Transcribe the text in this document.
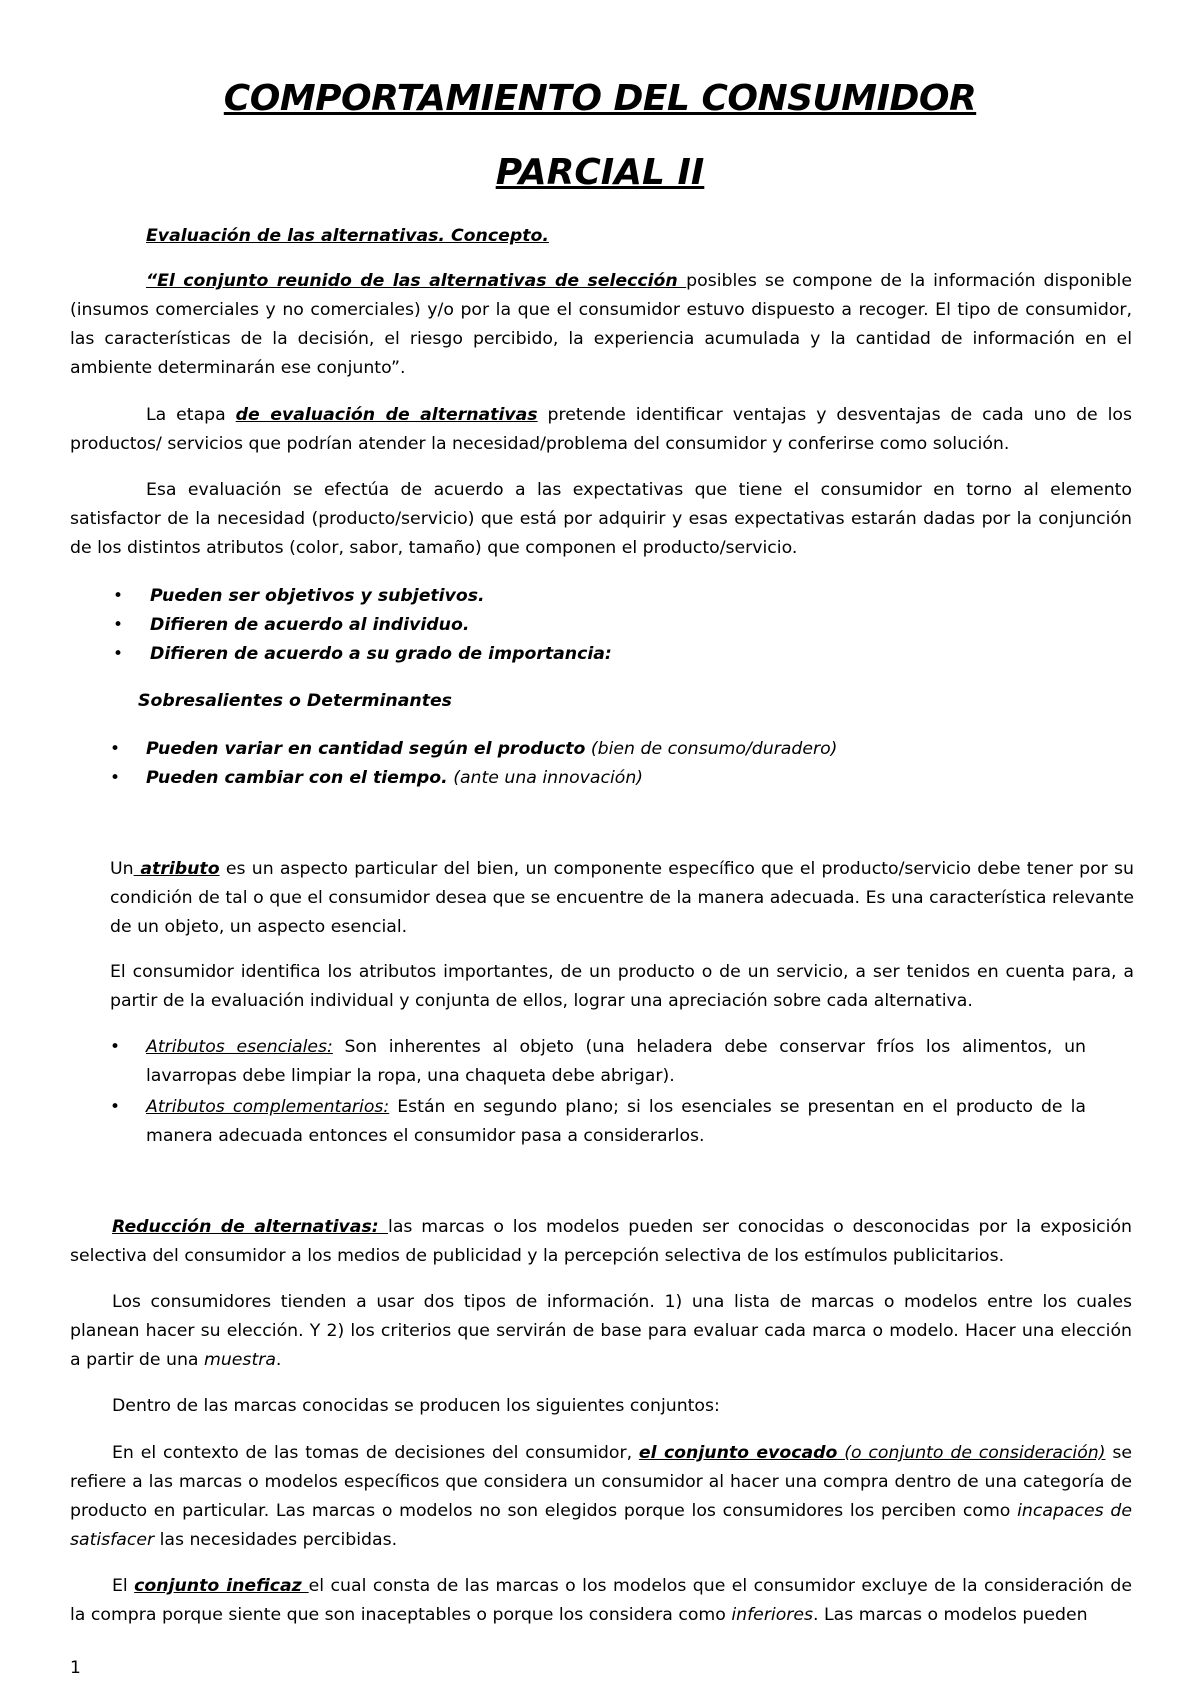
COMPORTAMIENTO DEL CONSUMIDOR
PARCIAL II
Evaluación de las alternativas. Concepto.
“El conjunto reunido de las alternativas de selección posibles se compone de la información disponible (insumos comerciales y no comerciales) y/o por la que el consumidor estuvo dispuesto a recoger. El tipo de consumidor, las características de la decisión, el riesgo percibido, la experiencia acumulada y la cantidad de información en el ambiente determinarán ese conjunto”.
La etapa de evaluación de alternativas pretende identificar ventajas y desventajas de cada uno de los productos/ servicios que podrían atender la necesidad/problema del consumidor y conferirse como solución.
Esa evaluación se efectúa de acuerdo a las expectativas que tiene el consumidor en torno al elemento satisfactor de la necesidad (producto/servicio) que está por adquirir y esas expectativas estarán dadas por la conjunción de los distintos atributos (color, sabor, tamaño) que componen el producto/servicio.
• Pueden ser objetivos y subjetivos.
• Difieren de acuerdo al individuo.
• Difieren de acuerdo a su grado de importancia:
Sobresalientes o Determinantes
• Pueden variar en cantidad según el producto (bien de consumo/duradero)
• Pueden cambiar con el tiempo. (ante una innovación)
Un atributo es un aspecto particular del bien, un componente específico que el producto/servicio debe tener por su condición de tal o que el consumidor desea que se encuentre de la manera adecuada. Es una característica relevante de un objeto, un aspecto esencial.
El consumidor identifica los atributos importantes, de un producto o de un servicio, a ser tenidos en cuenta para, a partir de la evaluación individual y conjunta de ellos, lograr una apreciación sobre cada alternativa.
• Atributos esenciales: Son inherentes al objeto (una heladera debe conservar fríos los alimentos, un lavarropas debe limpiar la ropa, una chaqueta debe abrigar).
• Atributos complementarios: Están en segundo plano; si los esenciales se presentan en el producto de la manera adecuada entonces el consumidor pasa a considerarlos.
Reducción de alternativas: las marcas o los modelos pueden ser conocidas o desconocidas por la exposición selectiva del consumidor a los medios de publicidad y la percepción selectiva de los estímulos publicitarios.
Los consumidores tienden a usar dos tipos de información. 1) una lista de marcas o modelos entre los cuales planean hacer su elección. Y 2) los criterios que servirán de base para evaluar cada marca o modelo. Hacer una elección a partir de una muestra.
Dentro de las marcas conocidas se producen los siguientes conjuntos:
En el contexto de las tomas de decisiones del consumidor, el conjunto evocado (o conjunto de consideración) se refiere a las marcas o modelos específicos que considera un consumidor al hacer una compra dentro de una categoría de producto en particular. Las marcas o modelos no son elegidos porque los consumidores los perciben como incapaces de satisfacer las necesidades percibidas.
El conjunto ineficaz el cual consta de las marcas o los modelos que el consumidor excluye de la consideración de la compra porque siente que son inaceptables o porque los considera como inferiores. Las marcas o modelos pueden
1
